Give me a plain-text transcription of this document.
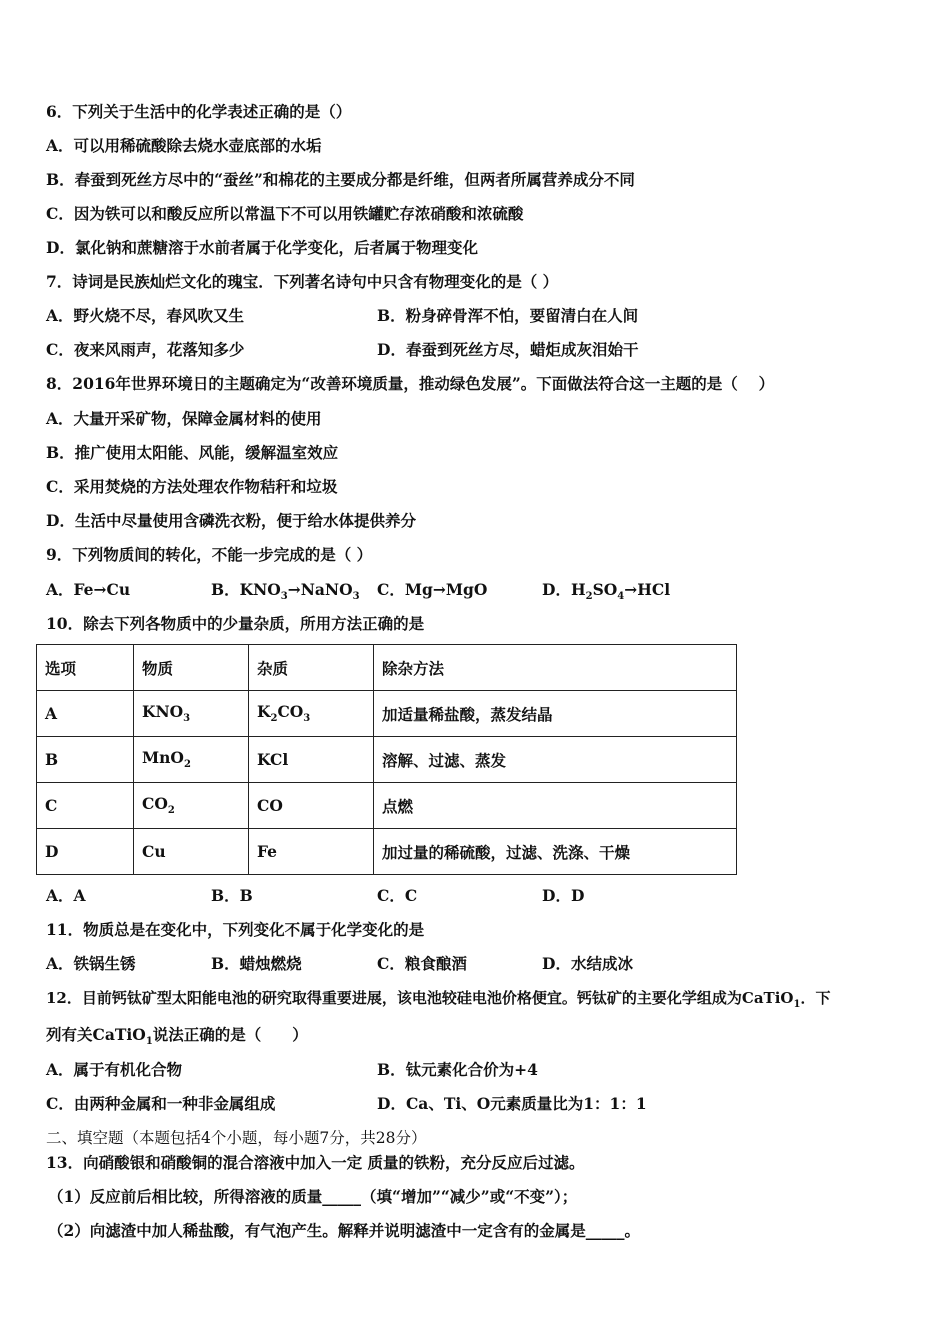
6．下列关于生活中的化学表述正确的是（）
A．可以用稀硫酸除去烧水壶底部的水垢
B．春蚕到死丝方尽中的“蚕丝”和棉花的主要成分都是纤维，但两者所属营养成分不同
C．因为铁可以和酸反应所以常温下不可以用铁罐贮存浓硝酸和浓硫酸
D．氯化钠和蔗糖溶于水前者属于化学变化，后者属于物理变化
7．诗词是民族灿烂文化的瑰宝．下列著名诗句中只含有物理变化的是（ ）
A．野火烧不尽，春风吹又生	B．粉身碎骨浑不怕，要留清白在人间
C．夜来风雨声，花落知多少	D．春蚕到死丝方尽，蜡炬成灰泪始干
8．2016年世界环境日的主题确定为“改善环境质量，推动绿色发展”。下面做法符合这一主题的是（　 ）
A．大量开采矿物，保障金属材料的使用
B．推广使用太阳能、风能，缓解温室效应
C．采用焚烧的方法处理农作物秸秆和垃圾
D．生活中尽量使用含磷洗衣粉，便于给水体提供养分
9．下列物质间的转化，不能一步完成的是（ ）
A．Fe→Cu	B．$KNO_3\to NaNO_3$ C．Mg→MgO	D．$H_2SO_4\to HCl$
10．除去下列各物质中的少量杂质，所用方法正确的是
选项	物质	杂质	除杂方法
A	$KNO_3$	$K_2CO_3$	加适量稀盐酸，蒸发结晶
B	MnO$_2$	KCl	溶解、过滤、蒸发
C	$CO_2$	CO	点燃
D	Cu	Fe	加过量的稀硫酸，过滤、洗涤、干燥
A．A	B．B	C．C	D．D
11．物质总是在变化中，下列变化不属于化学变化的是
A．铁锅生锈	B．蜡烛燃烧	C．粮食酿酒	D．水结成冰
12．目前钙钛矿型太阳能电池的研究取得重要进展，该电池较硅电池价格便宜。钙钛矿的主要化学组成为CaTiO$_1$．下
列有关CaTiO$_1$说法正确的是（　　）
A．属于有机化合物	B．钛元素化合价为+4
C．由两种金属和一种非金属组成	D．Ca、Ti、O元素质量比为1：1：1
二、填空题（本题包括4个小题，每小题7分，共28分）
13．向硝酸银和硝酸铜的混合溶液中加入一定 质量的铁粉，充分反应后过滤。
（1）反应前后相比较，所得溶液的质量_____（填“增加”“减少”或“不变”）；
（2）向滤渣中加人稀盐酸，有气泡产生。解释并说明滤渣中一定含有的金属是_____。
